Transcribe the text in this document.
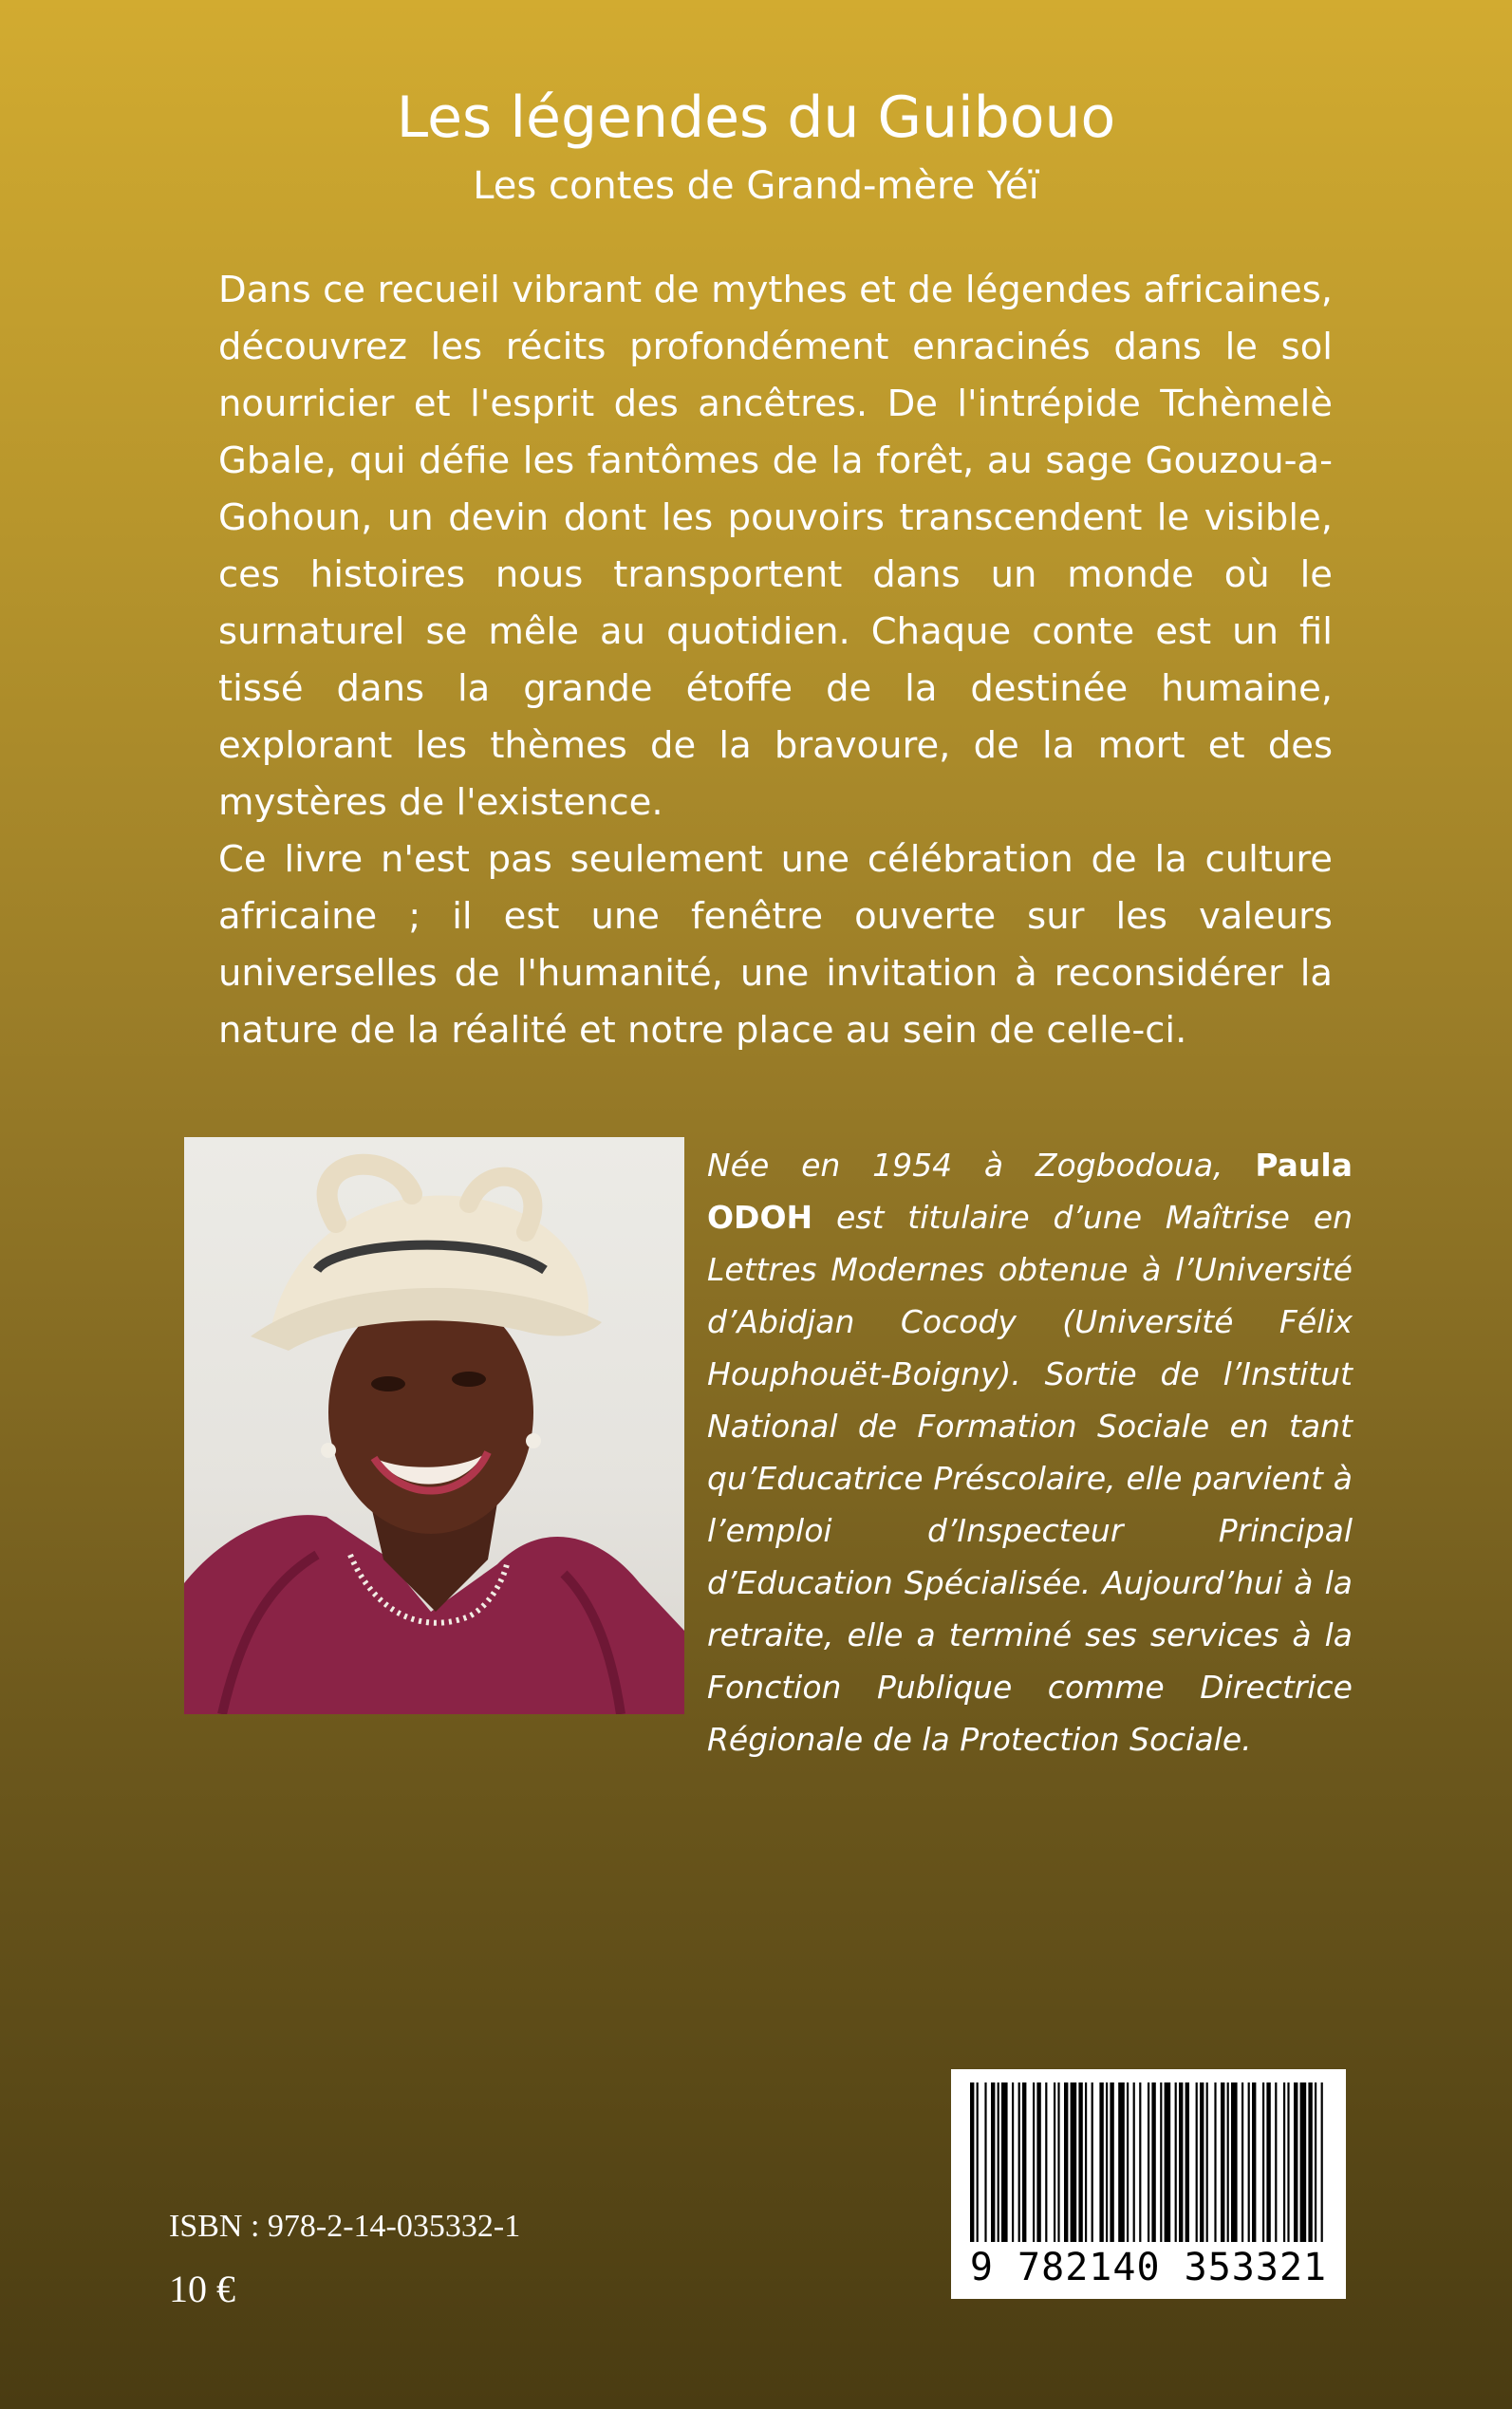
Les légendes du Guibouo
Les contes de Grand-mère Yéï

Dans ce recueil vibrant de mythes et de légendes africaines, découvrez les récits profondément enracinés dans le sol nourricier et l'esprit des ancêtres. De l'intrépide Tchèmelè Gbale, qui défie les fantômes de la forêt, au sage Gouzou-a-Gohoun, un devin dont les pouvoirs transcendent le visible, ces histoires nous transportent dans un monde où le surnaturel se mêle au quotidien. Chaque conte est un fil tissé dans la grande étoffe de la destinée humaine, explorant les thèmes de la bravoure, de la mort et des mystères de l'existence.

Ce livre n'est pas seulement une célébration de la culture africaine ; il est une fenêtre ouverte sur les valeurs universelles de l'humanité, une invitation à reconsidérer la nature de la réalité et notre place au sein de celle-ci.

Née en 1954 à Zogbodoua, Paula ODOH est titulaire d’une Maîtrise en Lettres Modernes obtenue à l’Université d’Abidjan Cocody (Université Félix Houphouët-Boigny). Sortie de l’Institut National de Formation Sociale en tant qu’Educatrice Préscolaire, elle parvient à l’emploi d’Inspecteur Principal d’Education Spécialisée. Aujourd’hui à la retraite, elle a terminé ses services à la Fonction Publique comme Directrice Régionale de la Protection Sociale.

9 782140 353321
ISBN : 978-2-14-035332-1
10 €
